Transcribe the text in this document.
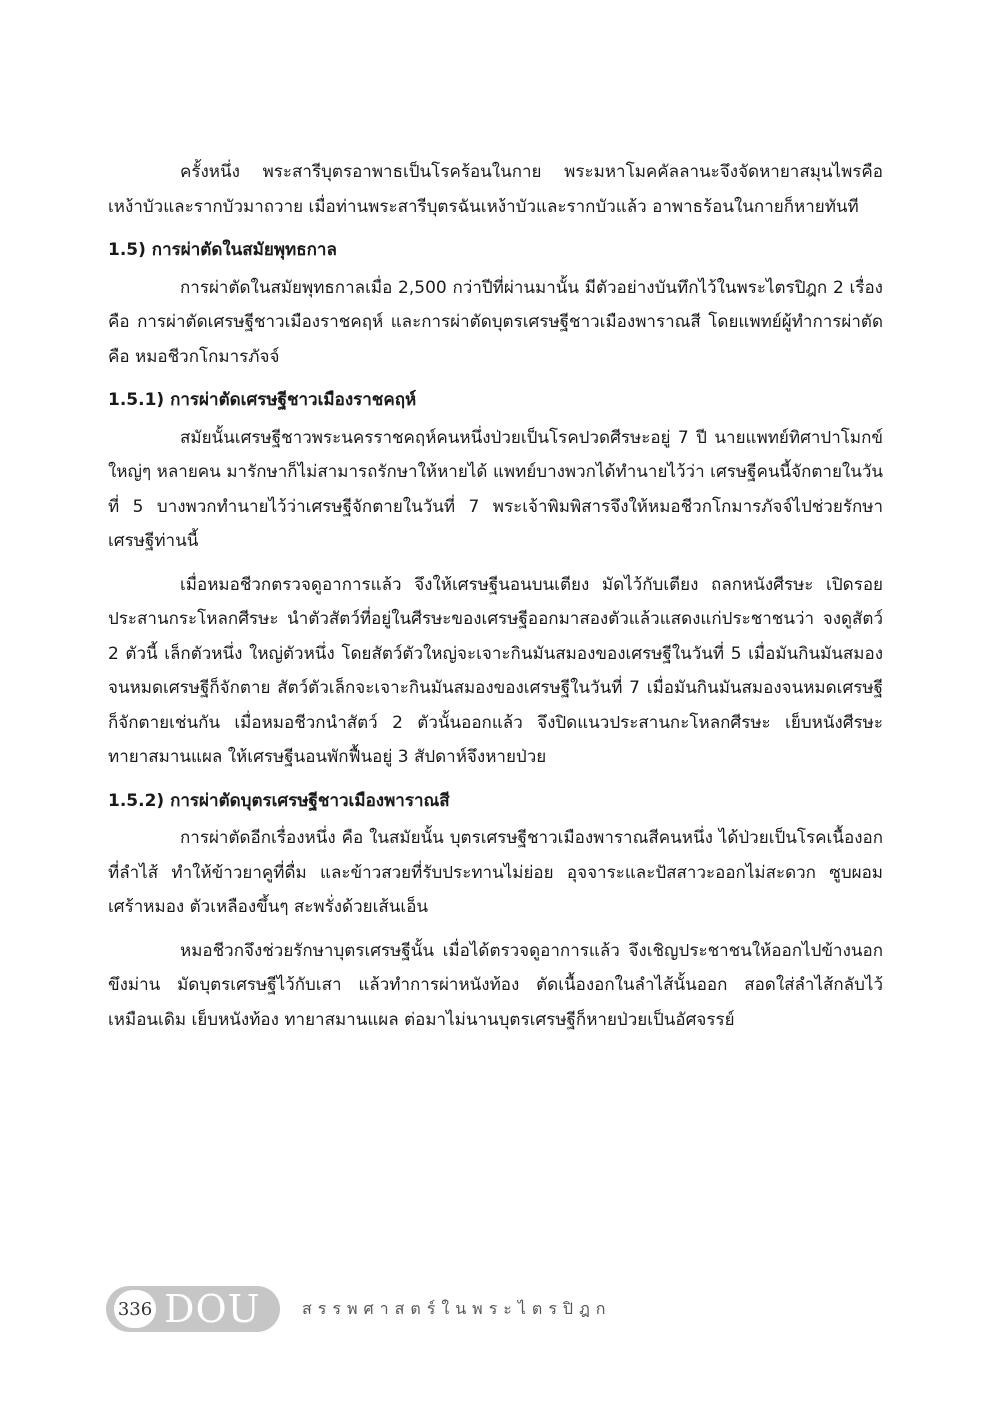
ครั้งหนึ่ง พระสารีบุตรอาพาธเป็นโรคร้อนในกาย พระมหาโมคคัลลานะจึงจัดหายาสมุนไพรคือเหง้าบัวและรากบัวมาถวาย เมื่อท่านพระสารีบุตรฉันเหง้าบัวและรากบัวแล้ว อาพาธร้อนในกายก็หายทันที

1.5) การผ่าตัดในสมัยพุทธกาล

การผ่าตัดในสมัยพุทธกาลเมื่อ 2,500 กว่าปีที่ผ่านมานั้น มีตัวอย่างบันทึกไว้ในพระไตรปิฎก 2 เรื่อง คือ การผ่าตัดเศรษฐีชาวเมืองราชคฤห์ และการผ่าตัดบุตรเศรษฐีชาวเมืองพาราณสี โดยแพทย์ผู้ทำการผ่าตัด คือ หมอชีวกโกมารภัจจ์

1.5.1) การผ่าตัดเศรษฐีชาวเมืองราชคฤห์

สมัยนั้นเศรษฐีชาวพระนครราชคฤห์คนหนึ่งป่วยเป็นโรคปวดศีรษะอยู่ 7 ปี นายแพทย์ทิศาปาโมกข์ใหญ่ๆ หลายคน มารักษาก็ไม่สามารถรักษาให้หายได้ แพทย์บางพวกได้ทำนายไว้ว่า เศรษฐีคนนี้จักตายในวันที่ 5 บางพวกทำนายไว้ว่าเศรษฐีจักตายในวันที่ 7 พระเจ้าพิมพิสารจึงให้หมอชีวกโกมารภัจจ์ไปช่วยรักษาเศรษฐีท่านนี้

เมื่อหมอชีวกตรวจดูอาการแล้ว จึงให้เศรษฐีนอนบนเตียง มัดไว้กับเตียง ถลกหนังศีรษะ เปิดรอยประสานกระโหลกศีรษะ นำตัวสัตว์ที่อยู่ในศีรษะของเศรษฐีออกมาสองตัวแล้วแสดงแก่ประชาชนว่า จงดูสัตว์ 2 ตัวนี้ เล็กตัวหนึ่ง ใหญ่ตัวหนึ่ง โดยสัตว์ตัวใหญ่จะเจาะกินมันสมองของเศรษฐีในวันที่ 5 เมื่อมันกินมันสมองจนหมดเศรษฐีก็จักตาย สัตว์ตัวเล็กจะเจาะกินมันสมองของเศรษฐีในวันที่ 7 เมื่อมันกินมันสมองจนหมดเศรษฐีก็จักตายเช่นกัน เมื่อหมอชีวกนำสัตว์ 2 ตัวนั้นออกแล้ว จึงปิดแนวประสานกะโหลกศีรษะ เย็บหนังศีรษะ ทายาสมานแผล ให้เศรษฐีนอนพักฟื้นอยู่ 3 สัปดาห์จึงหายป่วย

1.5.2) การผ่าตัดบุตรเศรษฐีชาวเมืองพาราณสี

การผ่าตัดอีกเรื่องหนึ่ง คือ ในสมัยนั้น บุตรเศรษฐีชาวเมืองพาราณสีคนหนึ่ง ได้ป่วยเป็นโรคเนื้องอกที่ลำไส้ ทำให้ข้าวยาคูที่ดื่ม และข้าวสวยที่รับประทานไม่ย่อย อุจจาระและปัสสาวะออกไม่สะดวก ซูบผอม เศร้าหมอง ตัวเหลืองขึ้นๆ สะพรั่งด้วยเส้นเอ็น

หมอชีวกจึงช่วยรักษาบุตรเศรษฐีนั้น เมื่อได้ตรวจดูอาการแล้ว จึงเชิญประชาชนให้ออกไปข้างนอก ขึงม่าน มัดบุตรเศรษฐีไว้กับเสา แล้วทำการผ่าหนังท้อง ตัดเนื้องอกในลำไส้นั้นออก สอดใส่ลำไส้กลับไว้เหมือนเดิม เย็บหนังท้อง ทายาสมานแผล ต่อมาไม่นานบุตรเศรษฐีก็หายป่วยเป็นอัศจรรย์

336 DOU	สรรพศาสตร์ในพระไตรปิฎก
